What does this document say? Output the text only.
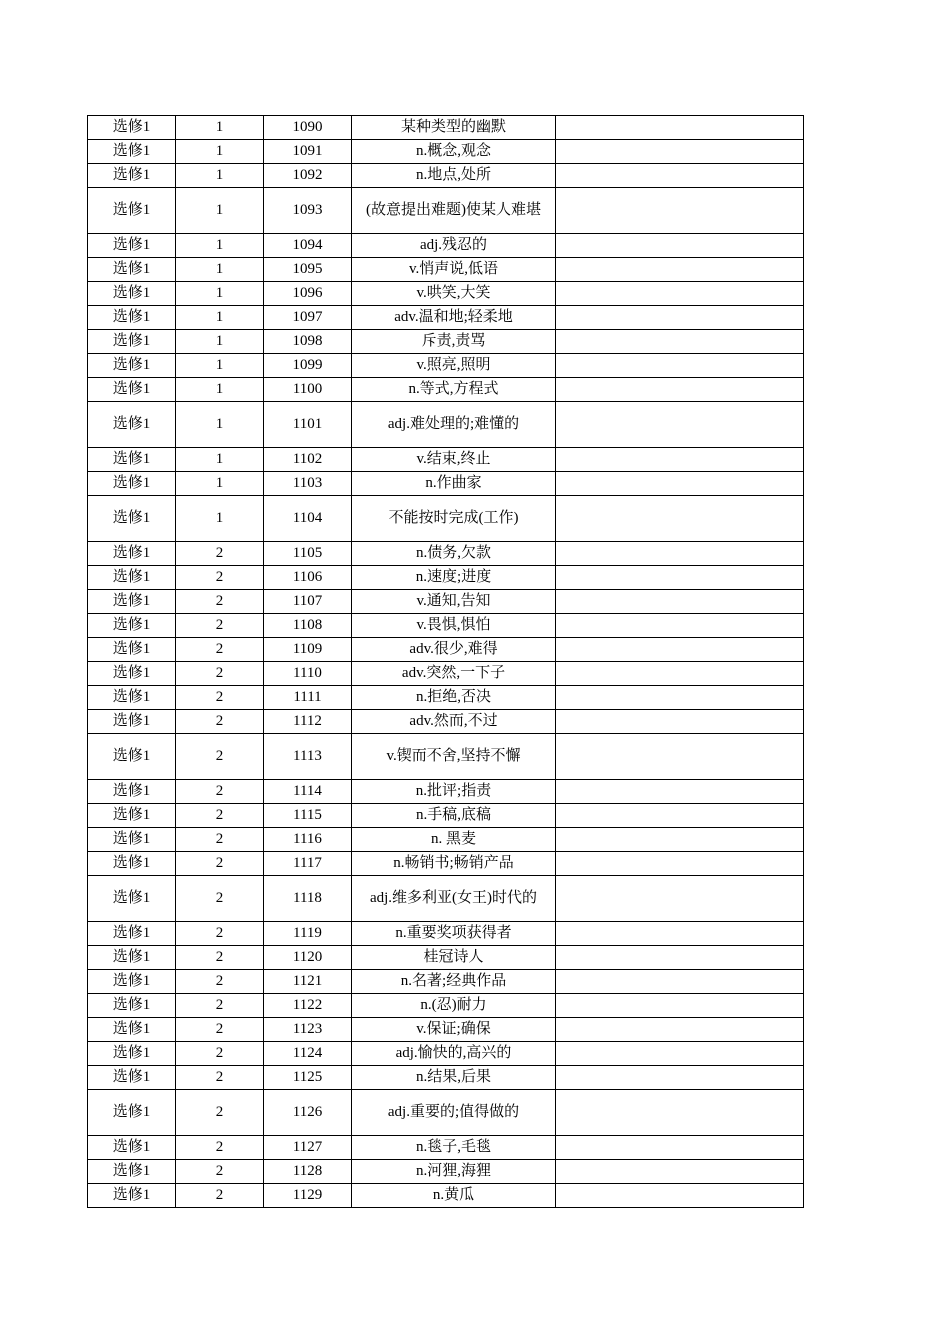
选修1	1	1090	某种类型的幽默	
选修1	1	1091	n.概念,观念	
选修1	1	1092	n.地点,处所	
选修1	1	1093	(故意提出难题)使某人难堪	
选修1	1	1094	adj.残忍的	
选修1	1	1095	v.悄声说,低语	
选修1	1	1096	v.哄笑,大笑	
选修1	1	1097	adv.温和地;轻柔地	
选修1	1	1098	斥责,责骂	
选修1	1	1099	v.照亮,照明	
选修1	1	1100	n.等式,方程式	
选修1	1	1101	adj.难处理的;难懂的	
选修1	1	1102	v.结束,终止	
选修1	1	1103	n.作曲家	
选修1	1	1104	不能按时完成(工作)	
选修1	2	1105	n.债务,欠款	
选修1	2	1106	n.速度;进度	
选修1	2	1107	v.通知,告知	
选修1	2	1108	v.畏惧,惧怕	
选修1	2	1109	adv.很少,难得	
选修1	2	1110	adv.突然,一下子	
选修1	2	1111	n.拒绝,否决	
选修1	2	1112	adv.然而,不过	
选修1	2	1113	v.锲而不舍,坚持不懈	
选修1	2	1114	n.批评;指责	
选修1	2	1115	n.手稿,底稿	
选修1	2	1116	n. 黑麦	
选修1	2	1117	n.畅销书;畅销产品	
选修1	2	1118	adj.维多利亚(女王)时代的	
选修1	2	1119	n.重要奖项获得者	
选修1	2	1120	桂冠诗人	
选修1	2	1121	n.名著;经典作品	
选修1	2	1122	n.(忍)耐力	
选修1	2	1123	v.保证;确保	
选修1	2	1124	adj.愉快的,高兴的	
选修1	2	1125	n.结果,后果	
选修1	2	1126	adj.重要的;值得做的	
选修1	2	1127	n.毯子,毛毯	
选修1	2	1128	n.河狸,海狸	
选修1	2	1129	n.黄瓜	
